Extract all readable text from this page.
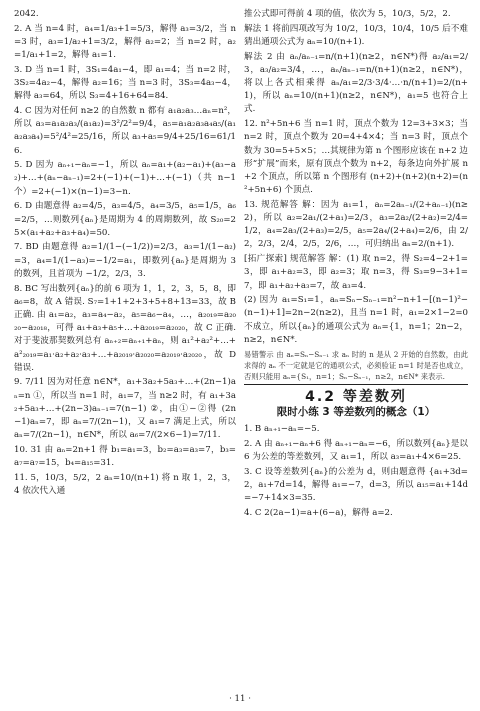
2042.

2. A 当 n=4 时，a₄=1/a₃+1=5/3，解得 a₃=3/2，当 n=3 时，a₃=1/a₂+1=3/2，解得 a₂=2；当 n=2 时，a₂=1/a₁+1=2，解得 a₁=1.

3. D 当 n=1 时，3S₁=4a₁−4，即 a₁=4；当 n=2 时，3S₂=4a₂−4，解得 a₂=16；当 n=3 时，3S₃=4a₃−4，解得 a₃=64，所以 S₃=4+16+64=84.

4. C 因为对任何 n≥2 的自然数 n 都有 a₁a₂a₃…aₙ=n²，所以 a₃=a₁a₂a₃/(a₁a₂)=3²/2²=9/4，a₅=a₁a₂a₃a₄a₅/(a₁a₂a₃a₄)=5²/4²=25/16，所以 a₃+a₅=9/4+25/16=61/16.

5. D 因为 aₙ₊₁−aₙ=−1，所以 aₙ=a₁+(a₂−a₁)+(a₃−a₂)+…+(aₙ−aₙ₋₁)=2+(−1)+(−1)+…+(−1)（共 n−1 个）=2+(−1)×(n−1)=3−n.

6. D 由题意得 a₂=4/5，a₃=4/5，a₄=3/5，a₅=1/5，a₆=2/5，…则数列{aₙ}是周期为 4 的周期数列，故 S₂₀=25×(a₁+a₂+a₃+a₄)=50.

7. BD 由题意得 a₂=1/(1−(−1/2))=2/3，a₃=1/(1−a₂)=3，a₄=1/(1−a₃)=−1/2=a₁，即数列{aₙ}是周期为 3 的数列，且首项为 −1/2，2/3，3.

8. BC 写出数列{aₙ}的前 6 项为 1，1，2，3，5，8，即 a₆=8，故 A 错误. S₇=1+1+2+3+5+8+13=33，故 B 正确. 由 a₁=a₂，a₃=a₄−a₂，a₅=a₆−a₄，…，a₂₀₁₉=a₂₀₂₀−a₂₀₁₈，可得 a₁+a₃+a₅+…+a₂₀₁₉=a₂₀₂₀，故 C 正确. 对于斐波那契数列总有 aₙ₊₂=aₙ₊₁+aₙ，则 a₁²+a₂²+…+a²₂₀₁₉=a₁·a₂+a₂·a₃+…+a₂₀₁₉·a₂₀₂₀=a₂₀₁₉·a₂₀₂₀，故 D 错误.

9. 7/11 因为对任意 n∈N*，a₁+3a₂+5a₃+…+(2n−1)aₙ=n ①，所以当 n=1 时，a₁=7，当 n≥2 时，有 a₁+3a₂+5a₃+…+(2n−3)aₙ₋₁=7(n−1) ②，由①−②得 (2n−1)aₙ=7，即 aₙ=7/(2n−1)，又 a₁=7 满足上式，所以 aₙ=7/(2n−1)，n∈N*，所以 a₆=7/(2×6−1)=7/11.

10. 31 由 aₙ=2n+1 得 b₁=a₁=3，b₂=a₃=a₃=7，b₃=a₇=a₇=15，b₄=a₁₅=31.

11. 5，10/3，5/2，2 aₙ=10/(n+1) 将 n 取 1，2，3，4 依次代入通

推公式即可得前 4 项的值，依次为 5，10/3，5/2，2.

解法 1 将前四项改写为 10/2，10/3，10/4，10/5 后不难猜出通项公式为 aₙ=10/(n+1).

解法 2 由 aₙ/aₙ₋₁=n/(n+1)(n≥2，n∈N*)得 a₂/a₁=2/3，a₃/a₂=3/4，…，aₙ/aₙ₋₁=n/(n+1)(n≥2，n∈N*)，将以上各式相乘得 aₙ/a₁=2/3·3/4·…·n/(n+1)=2/(n+1)，所以 aₙ=10/(n+1)(n≥2，n∈N*)，a₁=5 也符合上式.

12. n²+5n+6 当 n=1 时，顶点个数为 12=3+3×3；当 n=2 时，顶点个数为 20=4+4×4；当 n=3 时，顶点个数为 30=5+5×5；…其规律为第 n 个图形应该在 n+2 边形“扩展”而来，原有顶点个数为 n+2，每条边向外扩展 n+2 个顶点，所以第 n 个图形有 (n+2)+(n+2)(n+2)=(n²+5n+6) 个顶点.

13. 规范解答 解：因为 a₁=1，aₙ=2aₙ₋₁/(2+aₙ₋₁)(n≥2)，所以 a₂=2a₁/(2+a₁)=2/3，a₃=2a₂/(2+a₂)=2/4=1/2，a₄=2a₃/(2+a₃)=2/5，a₅=2a₄/(2+a₄)=2/6，由 2/2，2/3，2/4，2/5，2/6，…，可归纳出 aₙ=2/(n+1).

[拓广探索] 规范解答 解：(1) 取 n=2，得 S₂=4−2+1=3，即 a₁+a₂=3，即 a₂=3；取 n=3，得 S₃=9−3+1=7，即 a₁+a₂+a₃=7，故 a₃=4.

(2) 因为 a₁=S₁=1，aₙ=Sₙ−Sₙ₋₁=n²−n+1−[(n−1)²−(n−1)+1]=2n−2(n≥2)，且当 n=1 时，a₁=2×1−2=0 不成立，所以{aₙ}的通项公式为 aₙ={1，n=1；2n−2，n≥2，n∈N*.

易错警示 由 aₙ=Sₙ−Sₙ₋₁ 求 aₙ 时的 n 是从 2 开始的自然数，由此求得的 aₙ 不一定就是它的通项公式，必须验证 n=1 时是否也成立，否则只能用 aₙ={S₁，n=1；Sₙ−Sₙ₋₁，n≥2，n∈N* 来表示.

4.2 等差数列
限时小练 3 等差数列的概念（1）

1. B aₙ₊₁−aₙ=−5.

2. A 由 aₙ₊₁−aₙ+6 得 aₙ₊₁−aₙ=−6，所以数列{aₙ}是以 6 为公差的等差数列，又 a₁=1，所以 a₃=a₁+4×6=25.

3. C 设等差数列{aₙ}的公差为 d，则由题意得 {a₁+3d=2，a₁+7d=14，解得 a₁=−7，d=3，所以 a₁₅=a₁+14d=−7+14×3=35.

4. C 2(2a−1)=a+(6−a)，解得 a=2.

· 11 ·
